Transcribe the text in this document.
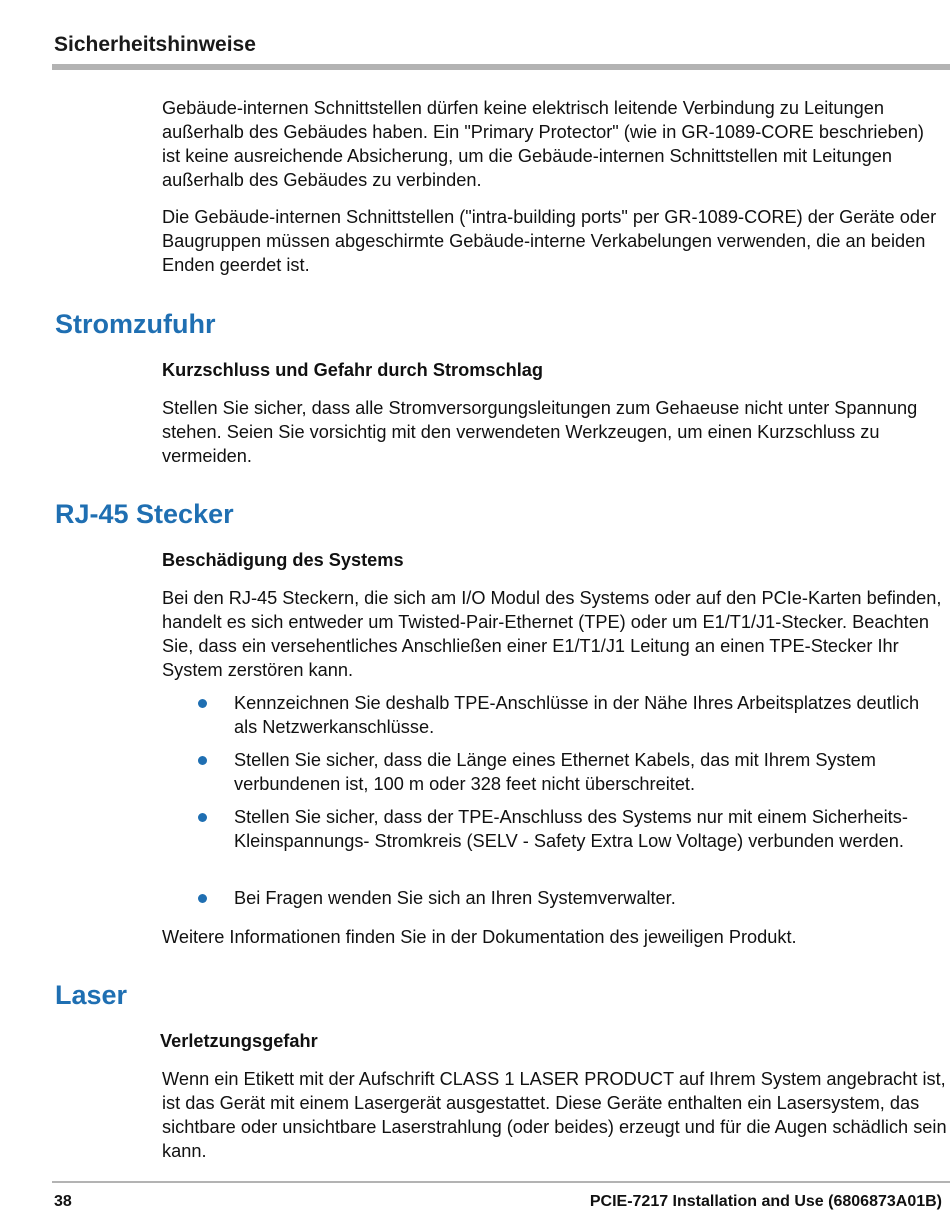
Sicherheitshinweise

Gebäude-internen Schnittstellen dürfen keine elektrisch leitende Verbindung zu Leitungen außerhalb des Gebäudes haben. Ein "Primary Protector" (wie in GR-1089-CORE beschrieben) ist keine ausreichende Absicherung, um die Gebäude-internen Schnittstellen mit Leitungen außerhalb des Gebäudes zu verbinden.

Die Gebäude-internen Schnittstellen ("intra-building ports" per GR-1089-CORE) der Geräte oder Baugruppen müssen abgeschirmte Gebäude-interne Verkabelungen verwenden, die an beiden Enden geerdet ist.

Stromzufuhr
Kurzschluss und Gefahr durch Stromschlag

Stellen Sie sicher, dass alle Stromversorgungsleitungen zum Gehaeuse nicht unter Spannung stehen. Seien Sie vorsichtig mit den verwendeten Werkzeugen, um einen Kurzschluss zu vermeiden.

RJ-45 Stecker
Beschädigung des Systems

Bei den RJ-45 Steckern, die sich am I/O Modul des Systems oder auf den PCIe-Karten befinden, handelt es sich entweder um Twisted-Pair-Ethernet (TPE) oder um E1/T1/J1-Stecker. Beachten Sie, dass ein versehentliches Anschließen einer E1/T1/J1 Leitung an einen TPE-Stecker Ihr System zerstören kann.

Kennzeichnen Sie deshalb TPE-Anschlüsse in der Nähe Ihres Arbeitsplatzes deutlich als Netzwerkanschlüsse.

Stellen Sie sicher, dass die Länge eines Ethernet Kabels, das mit Ihrem System verbundenen ist, 100 m oder 328 feet nicht überschreitet.

Stellen Sie sicher, dass der TPE-Anschluss des Systems nur mit einem Sicherheits-Kleinspannungs- Stromkreis (SELV - Safety Extra Low Voltage) verbunden werden.

Bei Fragen wenden Sie sich an Ihren Systemverwalter.

Weitere Informationen finden Sie in der Dokumentation des jeweiligen Produkt.

Laser
Verletzungsgefahr

Wenn ein Etikett mit der Aufschrift CLASS 1 LASER PRODUCT auf Ihrem System angebracht ist, ist das Gerät mit einem Lasergerät ausgestattet. Diese Geräte enthalten ein Lasersystem, das sichtbare oder unsichtbare Laserstrahlung (oder beides) erzeugt und für die Augen schädlich sein kann.

38	PCIE-7217 Installation and Use (6806873A01B)
